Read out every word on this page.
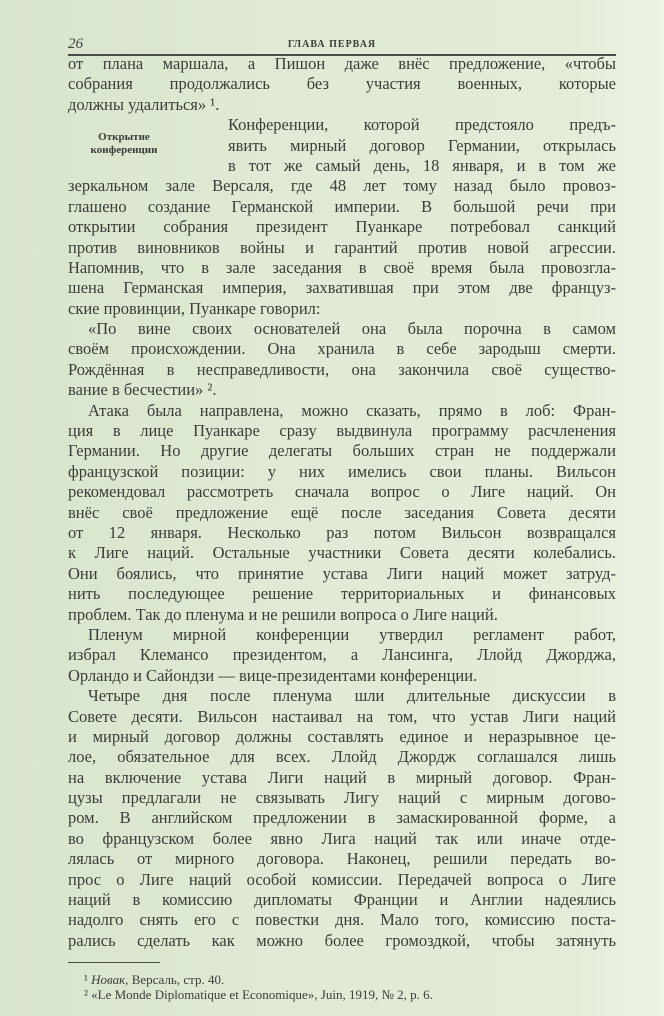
26	ГЛАВА ПЕРВАЯ
Открытие
конференции
от плана маршала, а Пишон даже внёс предложение, «чтобы
собрания продолжались без участия военных, которые
должны удалиться» ¹.
Конференции, которой предстояло предъ-
явить мирный договор Германии, открылась
в тот же самый день, 18 января, и в том же
зеркальном зале Версаля, где 48 лет тому назад было провоз-
глашено создание Германской империи. В большой речи при
открытии собрания президент Пуанкаре потребовал санкций
против виновников войны и гарантий против новой агрессии.
Напомнив, что в зале заседания в своё время была провозгла-
шена Германская империя, захватившая при этом две француз-
ские провинции, Пуанкаре говорил:
«По вине своих основателей она была порочна в самом
своём происхождении. Она хранила в себе зародыш смерти.
Рождённая в несправедливости, она закончила своё существо-
вание в бесчестии» ².
Атака была направлена, можно сказать, прямо в лоб: Фран-
ция в лице Пуанкаре сразу выдвинула программу расчленения
Германии. Но другие делегаты больших стран не поддержали
французской позиции: у них имелись свои планы. Вильсон
рекомендовал рассмотреть сначала вопрос о Лиге наций. Он
внёс своё предложение ещё после заседания Совета десяти
от 12 января. Несколько раз потом Вильсон возвращался
к Лиге наций. Остальные участники Совета десяти колебались.
Они боялись, что принятие устава Лиги наций может затруд-
нить последующее решение территориальных и финансовых
проблем. Так до пленума и не решили вопроса о Лиге наций.
Пленум мирной конференции утвердил регламент работ,
избрал Клемансо президентом, а Лансинга, Ллойд Джорджа,
Орландо и Сайондзи — вице-президентами конференции.
Четыре дня после пленума шли длительные дискуссии в
Совете десяти. Вильсон настаивал на том, что устав Лиги наций
и мирный договор должны составлять единое и неразрывное це-
лое, обязательное для всех. Ллойд Джордж соглашался лишь
на включение устава Лиги наций в мирный договор. Фран-
цузы предлагали не связывать Лигу наций с мирным догово-
ром. В английском предложении в замаскированной форме, а
во французском более явно Лига наций так или иначе отде-
лялась от мирного договора. Наконец, решили передать во-
прос о Лиге наций особой комиссии. Передачей вопроса о Лиге
наций в комиссию дипломаты Франции и Англии надеялись
надолго снять его с повестки дня. Мало того, комиссию поста-
рались сделать как можно более громоздкой, чтобы затянуть
¹ Новак, Версаль, стр. 40.
² «Le Monde Diplomatique et Economique», Juin, 1919, № 2, p. 6.
